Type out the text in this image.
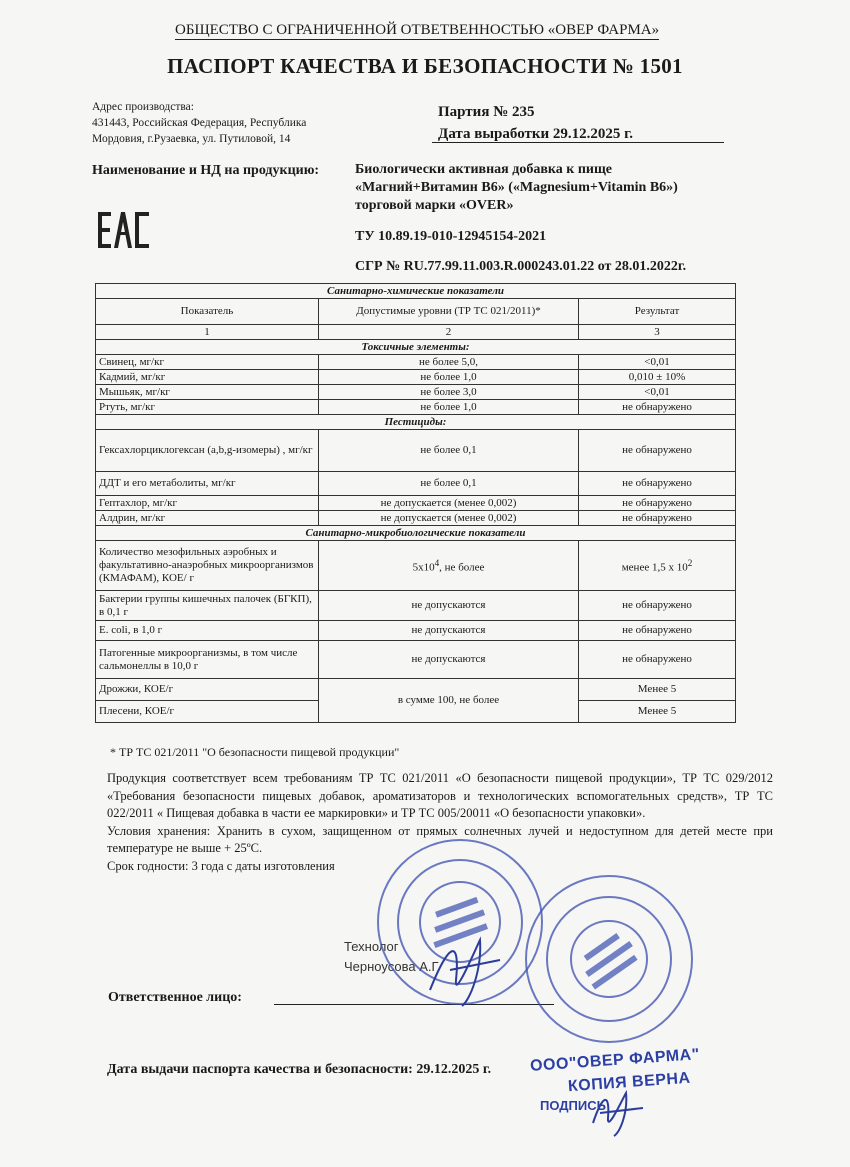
ОБЩЕСТВО С ОГРАНИЧЕННОЙ ОТВЕТВЕННОСТЬЮ «ОВЕР ФАРМА»
ПАСПОРТ КАЧЕСТВА И БЕЗОПАСНОСТИ № 1501
Адрес производства:
431443, Российская Федерация, Республика
Мордовия, г.Рузаевка, ул. Путиловой, 14
Партия № 235
Дата выработки 29.12.2025 г.
Наименование и НД на продукцию:	Биологически активная добавка к пище
«Магний+Витамин В6» («Magnesium+Vitamin B6»)
торговой марки «OVER»
ТУ 10.89.19-010-12945154-2021
СГР № RU.77.99.11.003.R.000243.01.22 от 28.01.2022г.
Санитарно-химические показатели		
Показатель	Допустимые уровни (ТР ТС 021/2011)*	Результат
1	2	3
Токсичные элементы:		
Свинец, мг/кг	не более 5,0,	<0,01
Кадмий, мг/кг	не более 1,0	0,010 ± 10%
Мышьяк, мг/кг	не более 3,0	<0,01
Ртуть, мг/кг	не более 1,0	не обнаружено
Пестициды:		
Гексахлорциклогексан (a,b,g-изомеры) , мг/кг	не более 0,1	не обнаружено
ДДТ и его метаболиты, мг/кг	не более 0,1	не обнаружено
Гептахлор, мг/кг	не допускается (менее 0,002)	не обнаружено
Алдрин, мг/кг	не допускается (менее 0,002)	не обнаружено
Санитарно-микробиологические показатели		
Количество мезофильных аэробных и факультативно-анаэробных микроорганизмов (КМАФАМ), КОЕ/ г	$5x10^4$, не более	менее 1,5 x $10^2$
Бактерии группы кишечных палочек (БГКП), в 0,1 г	не допускаются	не обнаружено
E. coli, в 1,0 г	не допускаются	не обнаружено
Патогенные микроорганизмы, в том числе сальмонеллы в 10,0 г	не допускаются	не обнаружено
Дрожжи, КОЕ/г	в сумме 100, не более	Менее 5
Плесени, КОЕ/г		Менее 5
* ТР ТС 021/2011 "О безопасности пищевой продукции"
Продукция соответствует всем требованиям ТР ТС 021/2011 «О безопасности пищевой продукции», ТР ТС 029/2012 «Требования безопасности пищевых добавок, ароматизаторов и технологических вспомогательных средств», ТР ТС 022/2011 « Пищевая добавка в части ее маркировки» и ТР ТС 005/20011 «О безопасности упаковки».
Условия хранения: Хранить в сухом, защищенном от прямых солнечных лучей и недоступном для детей месте при температуре не выше + 25ºС.
Срок годности: 3 года с даты изготовления
Технолог
Черноусова А.Г.
Ответственное лицо:
Дата выдачи паспорта качества и безопасности: 29.12.2025 г. ООО"ОВЕР ФАРМА"
КОПИЯ ВЕРНА
ПОДПИСЬ
